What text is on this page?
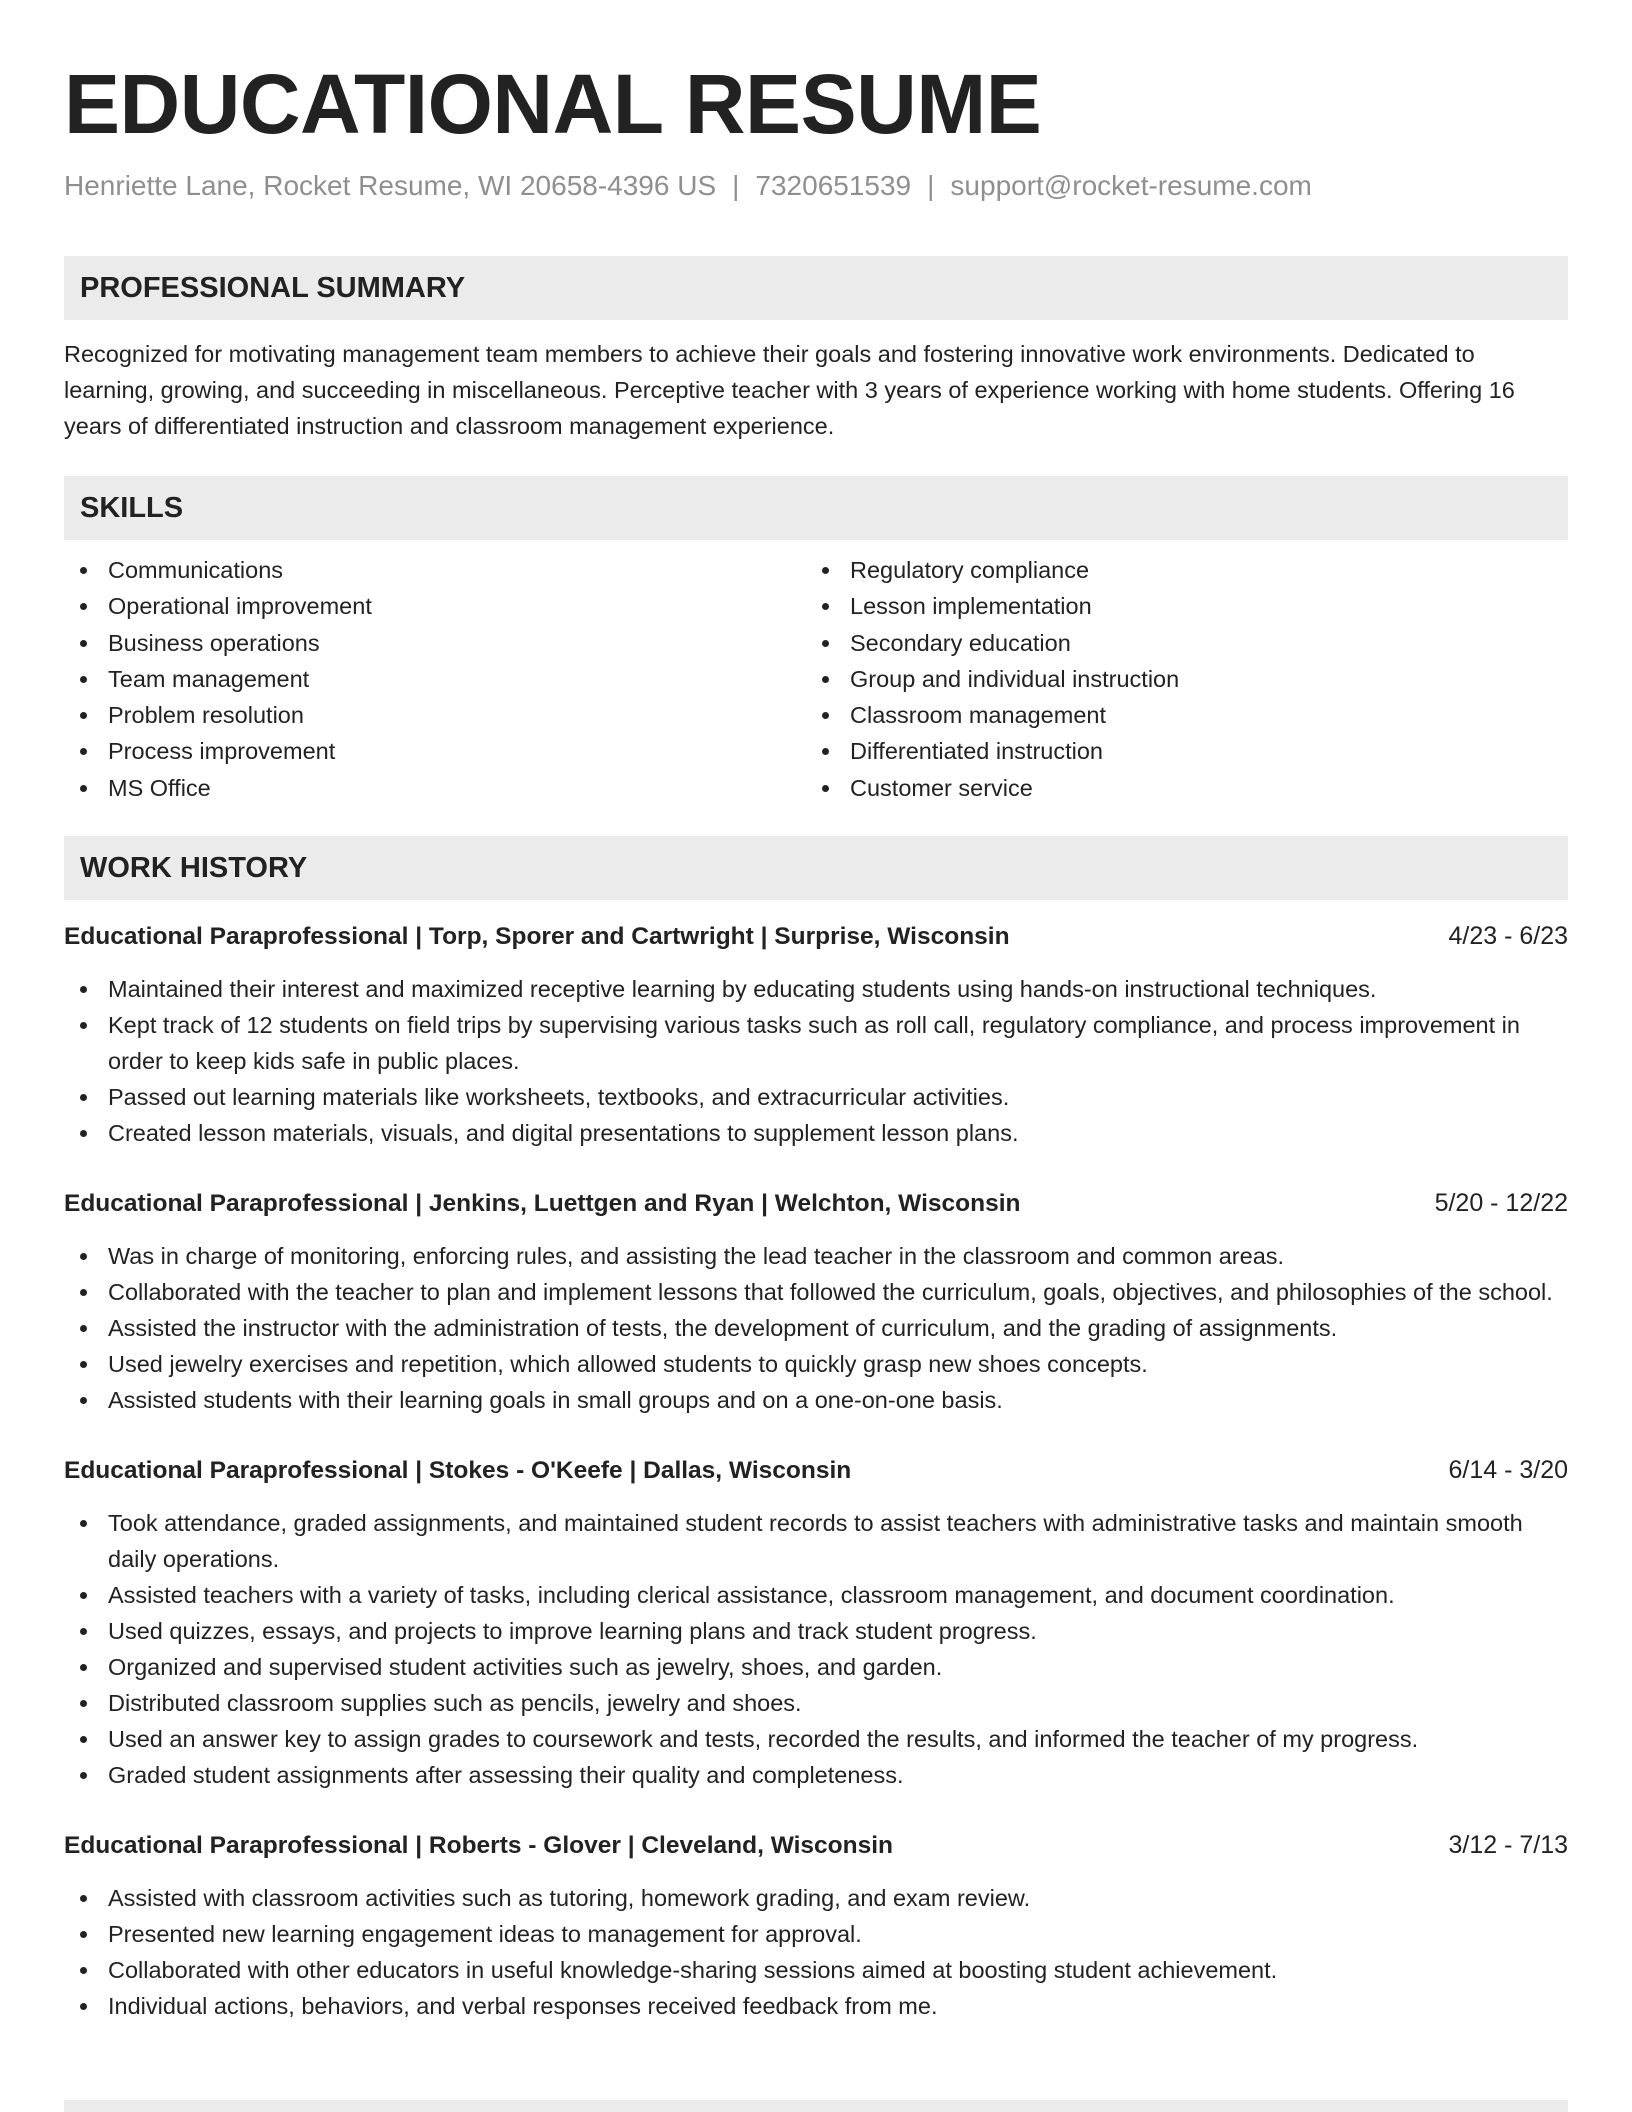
EDUCATIONAL RESUME
Henriette Lane, Rocket Resume, WI 20658-4396 US | 7320651539 | support@rocket-resume.com
PROFESSIONAL SUMMARY

Recognized for motivating management team members to achieve their goals and fostering innovative work environments. Dedicated to learning, growing, and succeeding in miscellaneous. Perceptive teacher with 3 years of experience working with home students. Offering 16 years of differentiated instruction and classroom management experience.

SKILLS
Communications
Operational improvement
Business operations
Team management
Problem resolution
Process improvement
MS Office
Regulatory compliance
Lesson implementation
Secondary education
Group and individual instruction
Classroom management
Differentiated instruction
Customer service
WORK HISTORY
Educational Paraprofessional | Torp, Sporer and Cartwright | Surprise, Wisconsin	4/23 - 6/23
Maintained their interest and maximized receptive learning by educating students using hands-on instructional techniques.
Kept track of 12 students on field trips by supervising various tasks such as roll call, regulatory compliance, and process improvement in order to keep kids safe in public places.
Passed out learning materials like worksheets, textbooks, and extracurricular activities.
Created lesson materials, visuals, and digital presentations to supplement lesson plans.
Educational Paraprofessional | Jenkins, Luettgen and Ryan | Welchton, Wisconsin	5/20 - 12/22
Was in charge of monitoring, enforcing rules, and assisting the lead teacher in the classroom and common areas.
Collaborated with the teacher to plan and implement lessons that followed the curriculum, goals, objectives, and philosophies of the school.
Assisted the instructor with the administration of tests, the development of curriculum, and the grading of assignments.
Used jewelry exercises and repetition, which allowed students to quickly grasp new shoes concepts.
Assisted students with their learning goals in small groups and on a one-on-one basis.
Educational Paraprofessional | Stokes - O'Keefe | Dallas, Wisconsin	6/14 - 3/20
Took attendance, graded assignments, and maintained student records to assist teachers with administrative tasks and maintain smooth daily operations.
Assisted teachers with a variety of tasks, including clerical assistance, classroom management, and document coordination.
Used quizzes, essays, and projects to improve learning plans and track student progress.
Organized and supervised student activities such as jewelry, shoes, and garden.
Distributed classroom supplies such as pencils, jewelry and shoes.
Used an answer key to assign grades to coursework and tests, recorded the results, and informed the teacher of my progress.
Graded student assignments after assessing their quality and completeness.
Educational Paraprofessional | Roberts - Glover | Cleveland, Wisconsin	3/12 - 7/13
Assisted with classroom activities such as tutoring, homework grading, and exam review.
Presented new learning engagement ideas to management for approval.
Collaborated with other educators in useful knowledge-sharing sessions aimed at boosting student achievement.
Individual actions, behaviors, and verbal responses received feedback from me.
